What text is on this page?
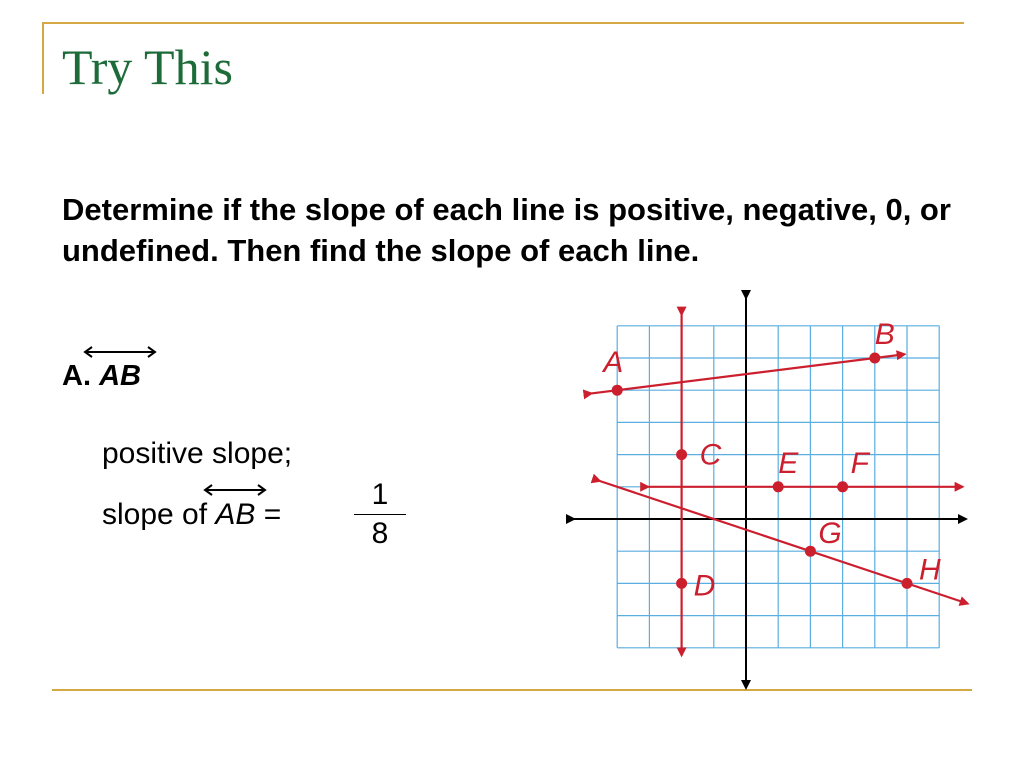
Try This

Determine if the slope of each line is positive, negative, 0, or undefined. Then find the slope of each line.

A. AB
positive slope;
slope of AB =
1
8
A
B
C
D
E F
G
H
